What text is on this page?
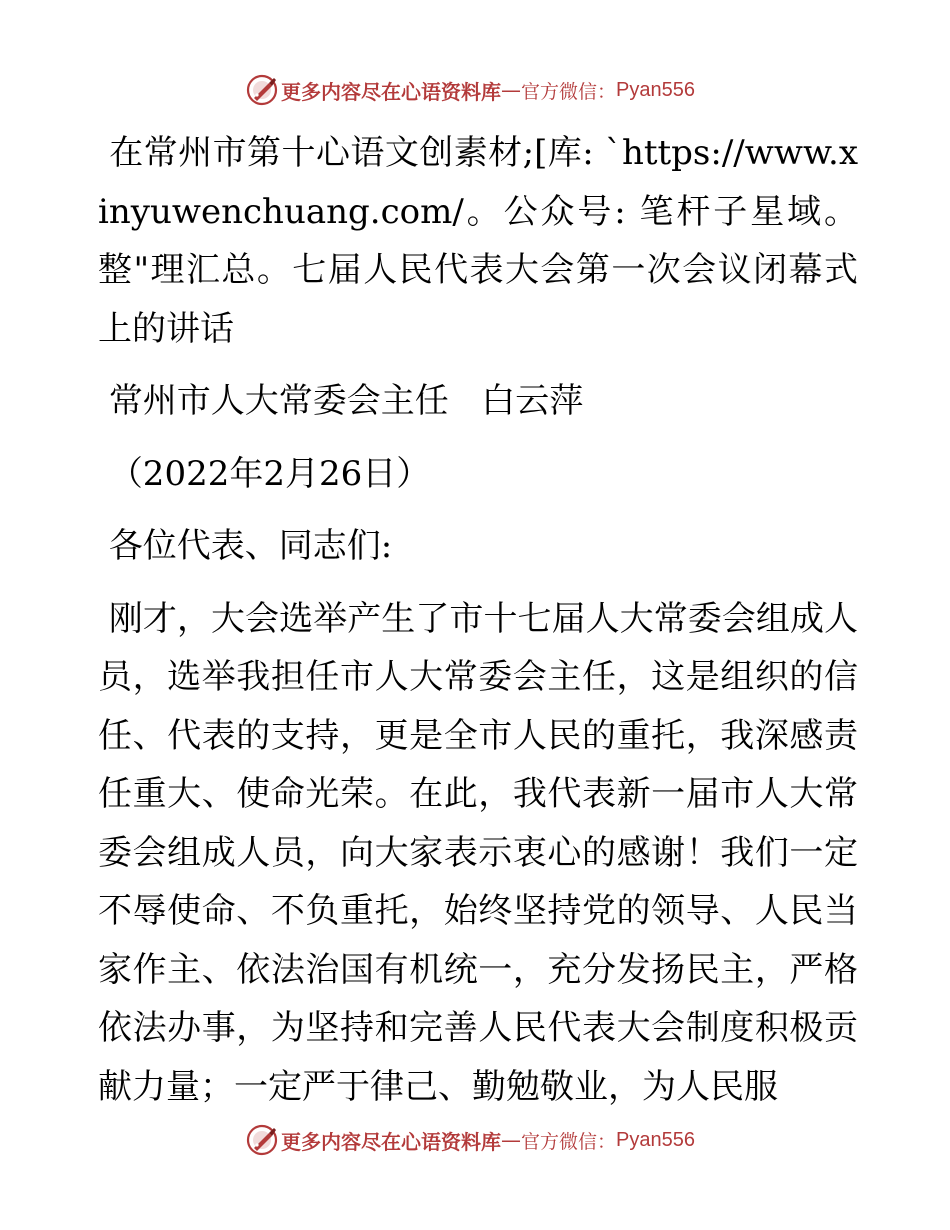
更多内容尽在心语资料库 — 官方微信： Pyan556

在常州市第十心语文创素材;[库: `https://www.xinyuwenchuang.com/。公众号: 笔杆子星域。整"理汇总。七届人民代表大会第一次会议闭幕式上的讲话

常州市人大常委会主任   白云萍

（2022年2月26日）

各位代表、同志们:

刚才，大会选举产生了市十七届人大常委会组成人员，选举我担任市人大常委会主任，这是组织的信任、代表的支持，更是全市人民的重托，我深感责任重大、使命光荣。在此，我代表新一届市人大常委会组成人员，向大家表示衷心的感谢！我们一定不辱使命、不负重托，始终坚持党的领导、人民当家作主、依法治国有机统一，充分发扬民主，严格依法办事，为坚持和完善人民代表大会制度积极贡献力量；一定严于律己、勤勉敬业，为人民服

更多内容尽在心语资料库 — 官方微信： Pyan556
